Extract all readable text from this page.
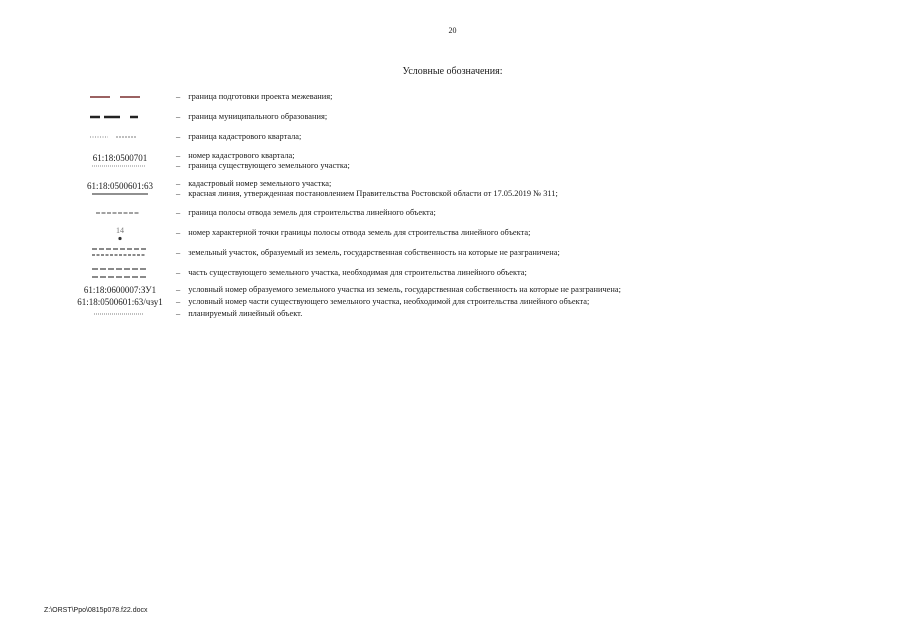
20
Условные обозначения:
– границa подготовки проекта межевания;
– граница муниципального образования;
– граница кадастрового квартала;
61:18:0500701	– номер кадастрового квартала;
– граница существующего земельного участка;
61:18:0500601:63	– кадастровый номер земельного участка;
– красная линия, утвержденная постановлением Правительства Ростовской области от 17.05.2019 № 311;
– граница полосы отвода земель для строительства линейного объекта;
14	– номер характерной точки границы полосы отвода земель для строительства линейного объекта;
– земельный участок, образуемый из земель, государственная собственность на которые не разграничена;
– часть существующего земельного участка, необходимая для строительства линейного объекта;
61:18:0600007:ЗУ1 – условный номер образуемого земельного участка из земель, государственная собственность на которые не разграничена;
61:18:0500601:63/чзу1 – условный номер части существующего земельного участка, необходимой для строительства линейного объекта;
– планируемый линейный объект.
Z:\ORST\Ppo\0815p078.f22.docx
